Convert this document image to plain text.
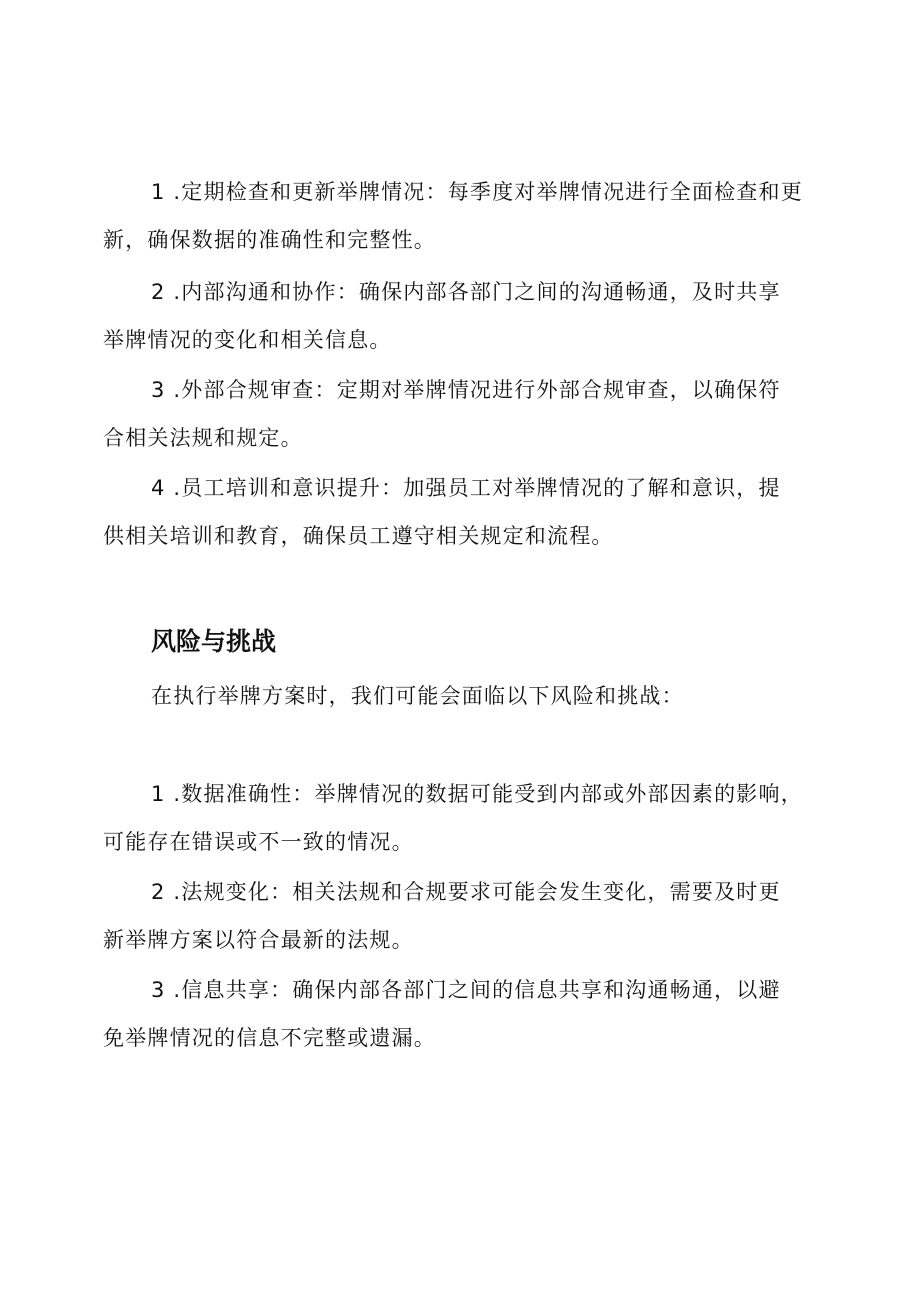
1 .定期检查和更新举牌情况：每季度对举牌情况进行全面检查和更
新，确保数据的准确性和完整性。
2 .内部沟通和协作：确保内部各部门之间的沟通畅通，及时共享
举牌情况的变化和相关信息。
3 .外部合规审查：定期对举牌情况进行外部合规审查，以确保符
合相关法规和规定。
4 .员工培训和意识提升：加强员工对举牌情况的了解和意识，提
供相关培训和教育，确保员工遵守相关规定和流程。
风险与挑战
在执行举牌方案时，我们可能会面临以下风险和挑战：
1 .数据准确性：举牌情况的数据可能受到内部或外部因素的影响，
可能存在错误或不一致的情况。
2 .法规变化：相关法规和合规要求可能会发生变化，需要及时更
新举牌方案以符合最新的法规。
3 .信息共享：确保内部各部门之间的信息共享和沟通畅通，以避
免举牌情况的信息不完整或遗漏。
